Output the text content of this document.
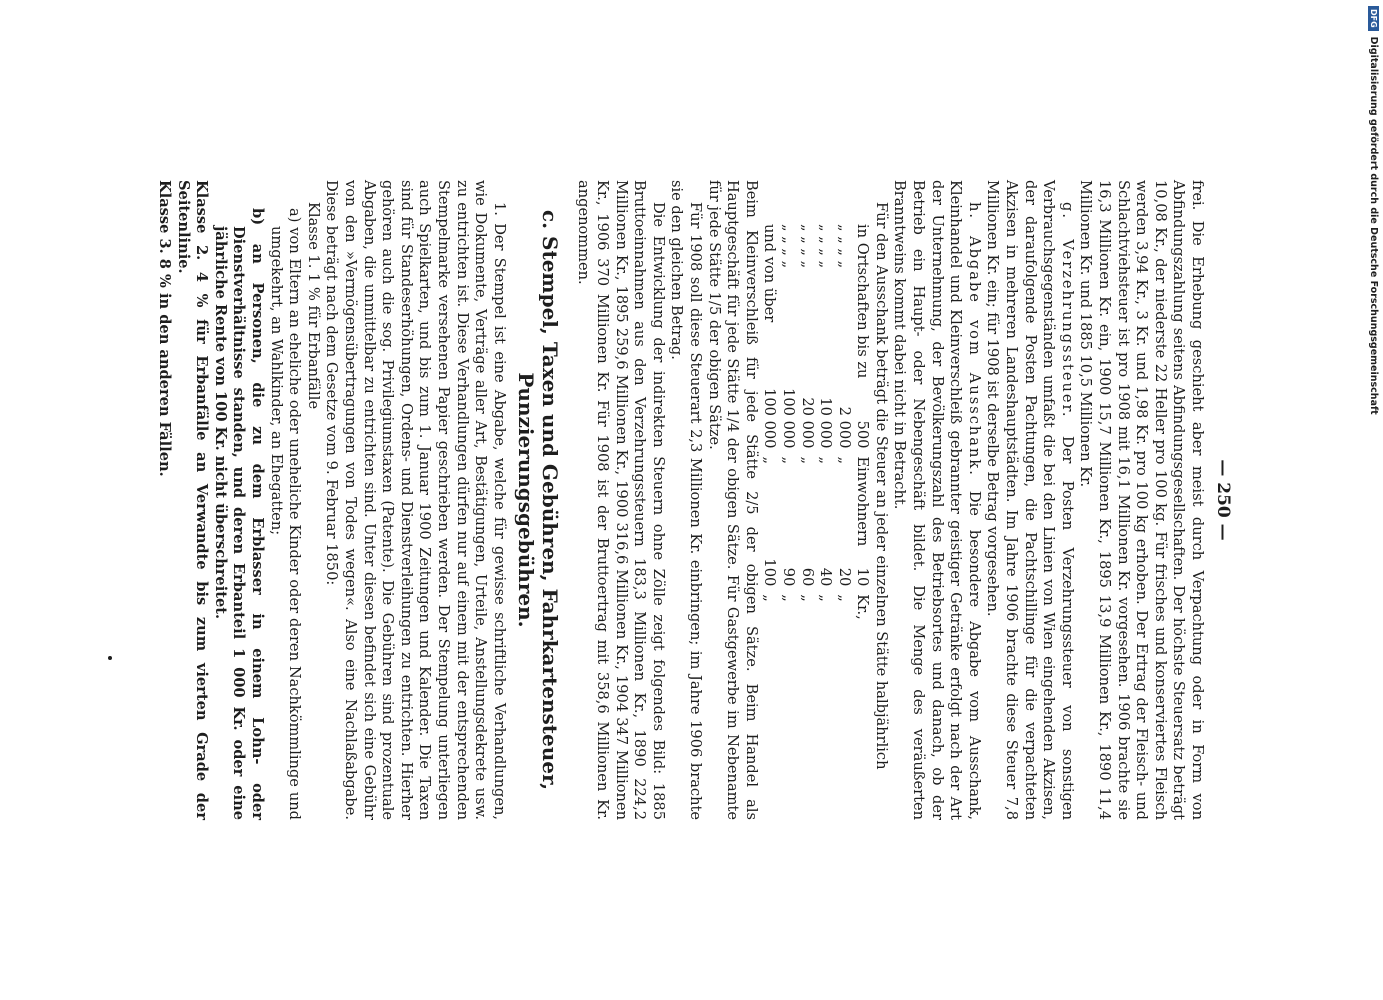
— 250 —

frei. Die Erhebung geschieht aber meist durch Verpachtung oder in Form von Abfindungszahlung seitens Abfindungsgesellschaften. Der höchste Steuersatz beträgt 10,08 Kr., der niederste 22 Heller pro 100 kg. Für frisches und konserviertes Fleisch werden 3,94 Kr., 3 Kr. und 1,98 Kr. pro 100 kg erhoben. Der Ertrag der Fleisch- und Schlachtviehsteuer ist pro 1908 mit 16,1 Millionen Kr. vorgesehen. 1906 brachte sie 16,3 Millionen Kr. ein, 1900 15,7 Millionen Kr., 1895 13,9 Millionen Kr., 1890 11,4 Millionen Kr. und 1885 10,5 Millionen Kr.

g. Verzehrungssteuer. Der Posten Verzehrungssteuer von sonstigen Verbrauchsgegenständen umfaßt die bei den Linien von Wien eingehenden Akzisen, der daraufolgende Posten Pachtungen, die Pachtschillinge für die verpachteten Akzisen in mehreren Landeshauptstädten. Im Jahre 1906 brachte diese Steuer 7,8 Millionen Kr. ein; für 1908 ist derselbe Betrag vorgesehen.

h. Abgabe vom Ausschank. Die besondere Abgabe vom Ausschank, Kleinhandel und Kleinverschleiß gebrannter geistiger Getränke erfolgt nach der Art der Unternehmung, der Bevölkerungszahl des Betriebsortes und danach, ob der Betrieb ein Haupt- oder Nebengeschäft bildet. Die Menge des veräußerten Branntweins kommt dabei nicht in Betracht.

Für den Ausschank beträgt die Steuer an jeder einzelnen Stätte halbjährlich

in Ortschaften bis zu	500	Einwohnern	10	Kr.,
„ „ „ „	2 000	„	20	„
„ „ „ „	10 000	„	40	„
„ „ „ „	20 000	„	60	„
„ „ „ „	100 000	„	90	„
und von über	100 000	„	100	„

Beim Kleinverschleiß für jede Stätte 2/5 der obigen Sätze. Beim Handel als Hauptgeschäft für jede Stätte 1/4 der obigen Sätze. Für Gastgewerbe im Nebenamte für jede Stätte 1/5 der obigen Sätze.

Für 1908 soll diese Steuerart 2,3 Millionen Kr. einbringen; im Jahre 1906 brachte sie den gleichen Betrag.

Die Entwicklung der indirekten Steuern ohne Zölle zeigt folgendes Bild: 1885 Bruttoeinnahmen aus den Verzehrungssteuern 183,3 Millionen Kr., 1890 224,2 Millionen Kr., 1895 259,6 Millionen Kr., 1900 316,6 Millionen Kr., 1904 347 Millionen Kr., 1906 370 Millionen Kr. Für 1908 ist der Bruttoertrag mit 358,6 Millionen Kr. angenommen.

c. Stempel, Taxen und Gebühren, Fahrkartensteuer, Punzierungsgebühren.

1. Der Stempel ist eine Abgabe, welche für gewisse schriftliche Verhandlungen, wie Dokumente, Verträge aller Art, Bestätigungen, Urteile, Anstellungsdekrete usw. zu entrichten ist. Diese Verhandlungen dürfen nur auf einem mit der entsprechenden Stempelmarke versehenen Papier geschrieben werden. Der Stempelung unterliegen auch Spielkarten, und bis zum 1. Januar 1900 Zeitungen und Kalender. Die Taxen sind für Standeserhöhungen, Ordens- und Dienstverleihungen zu entrichten. Hierher gehören auch die sog. Privilegiumstaxen (Patente). Die Gebühren sind prozentuale Abgaben, die unmittelbar zu entrichten sind. Unter diesen befindet sich eine Gebühr von den »Vermögensübertragungen von Todes wegen«. Also eine Nachlaßabgabe. Diese beträgt nach dem Gesetze vom 9. Februar 1850:

Klasse 1. 1 % für Erbanfälle

a) von Eltern an eheliche oder uneheliche Kinder oder deren Nachkömmlinge und umgekehrt, an Wahlkinder, an Ehegatten;

b) an Personen, die zu dem Erblasser in einem Lohn- oder Dienstverhältnisse standen, und deren Erbanteil 1 000 Kr. oder eine jährliche Rente von 100 Kr. nicht überschreitet.

Klasse 2. 4 % für Erbanfälle an Verwandte bis zum vierten Grade der Seitenlinie.

Klasse 3. 8 % in den anderen Fällen.

DFG
Digitalisierung gefördert durch die Deutsche Forschungsgemeinschaft
